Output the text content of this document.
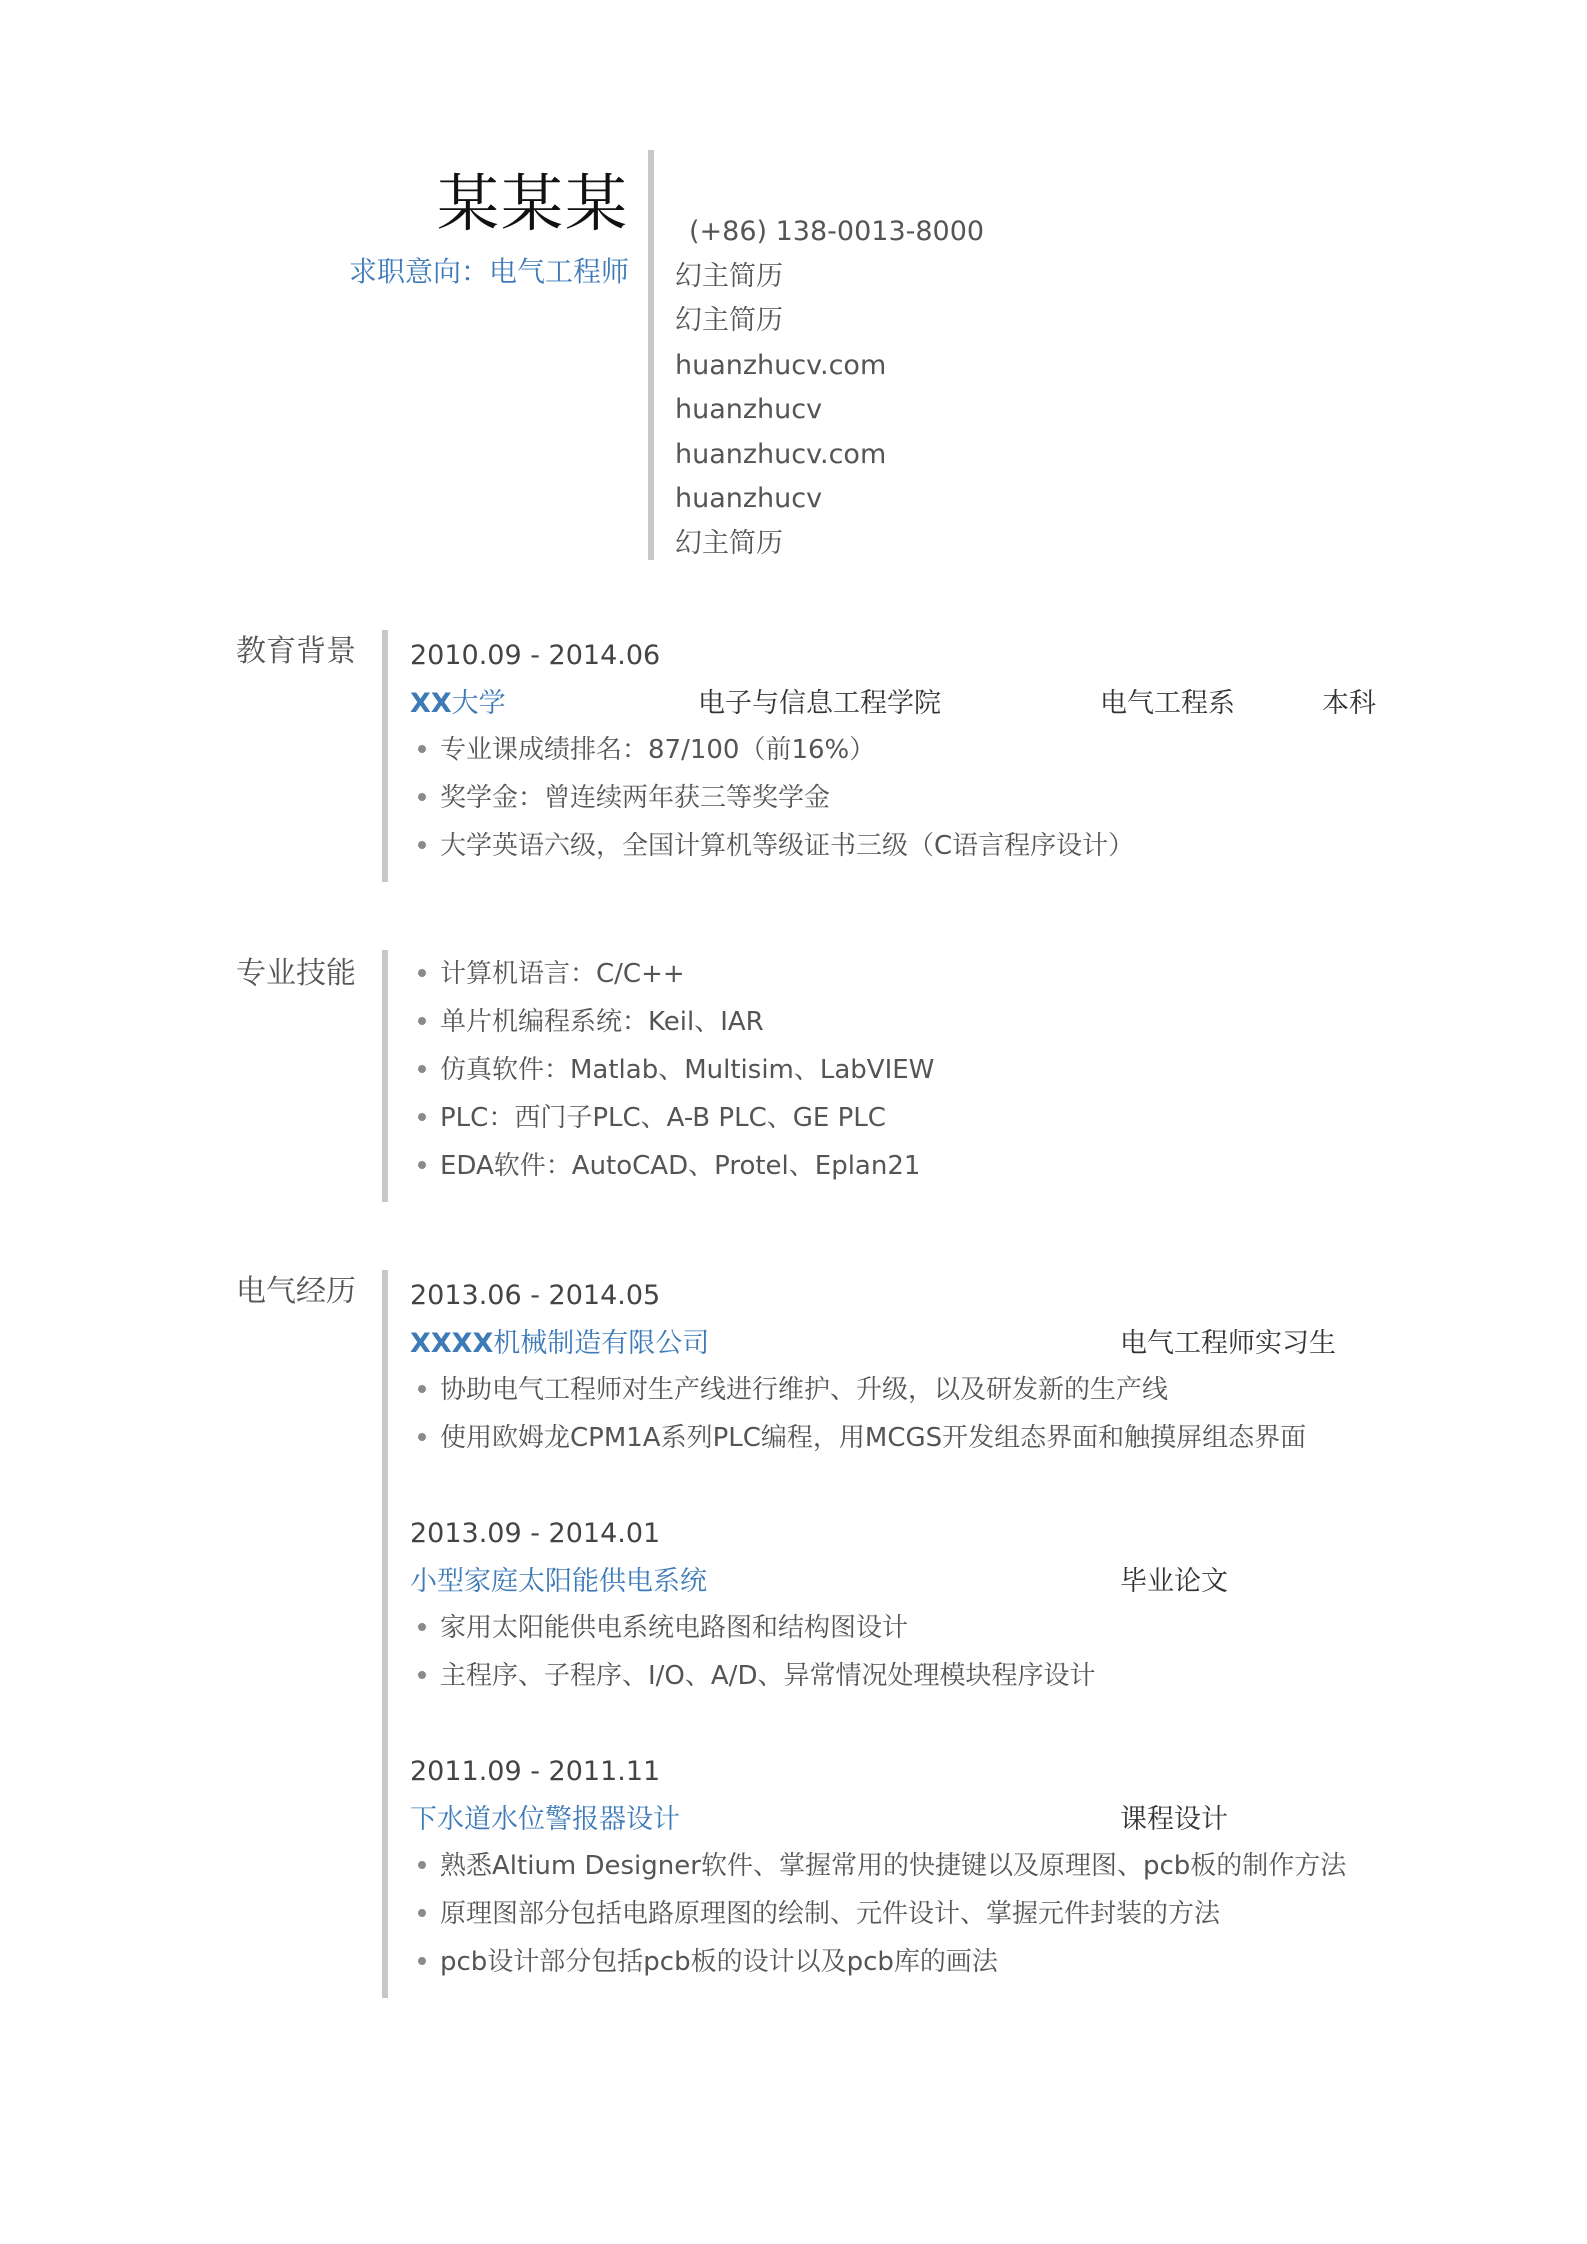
某某某
求职意向：电气工程师
(+86) 138-0013-8000
幻主简历
幻主简历
huanzhucv.com
huanzhucv
huanzhucv.com
huanzhucv
幻主简历
教育背景 2010.09 - 2014.06
XX大学	电子与信息工程学院	电气工程系	本科
专业课成绩排名：87/100（前16%）
奖学金：曾连续两年获三等奖学金
大学英语六级，全国计算机等级证书三级（C语言程序设计）
专业技能	计算机语言：C/C++
单片机编程系统：Keil、IAR
仿真软件：Matlab、Multisim、LabVIEW
PLC：西门子PLC、A-B PLC、GE PLC
EDA软件：AutoCAD、Protel、Eplan21
电气经历 2013.06 - 2014.05
XXXX机械制造有限公司	电气工程师实习生
协助电气工程师对生产线进行维护、升级，以及研发新的生产线
使用欧姆龙CPM1A系列PLC编程，用MCGS开发组态界面和触摸屏组态界面
2013.09 - 2014.01
小型家庭太阳能供电系统	毕业论文
家用太阳能供电系统电路图和结构图设计
主程序、子程序、I/O、A/D、异常情况处理模块程序设计
2011.09 - 2011.11
下水道水位警报器设计	课程设计
熟悉Altium Designer软件、掌握常用的快捷键以及原理图、pcb板的制作方法
原理图部分包括电路原理图的绘制、元件设计、掌握元件封装的方法
pcb设计部分包括pcb板的设计以及pcb库的画法
